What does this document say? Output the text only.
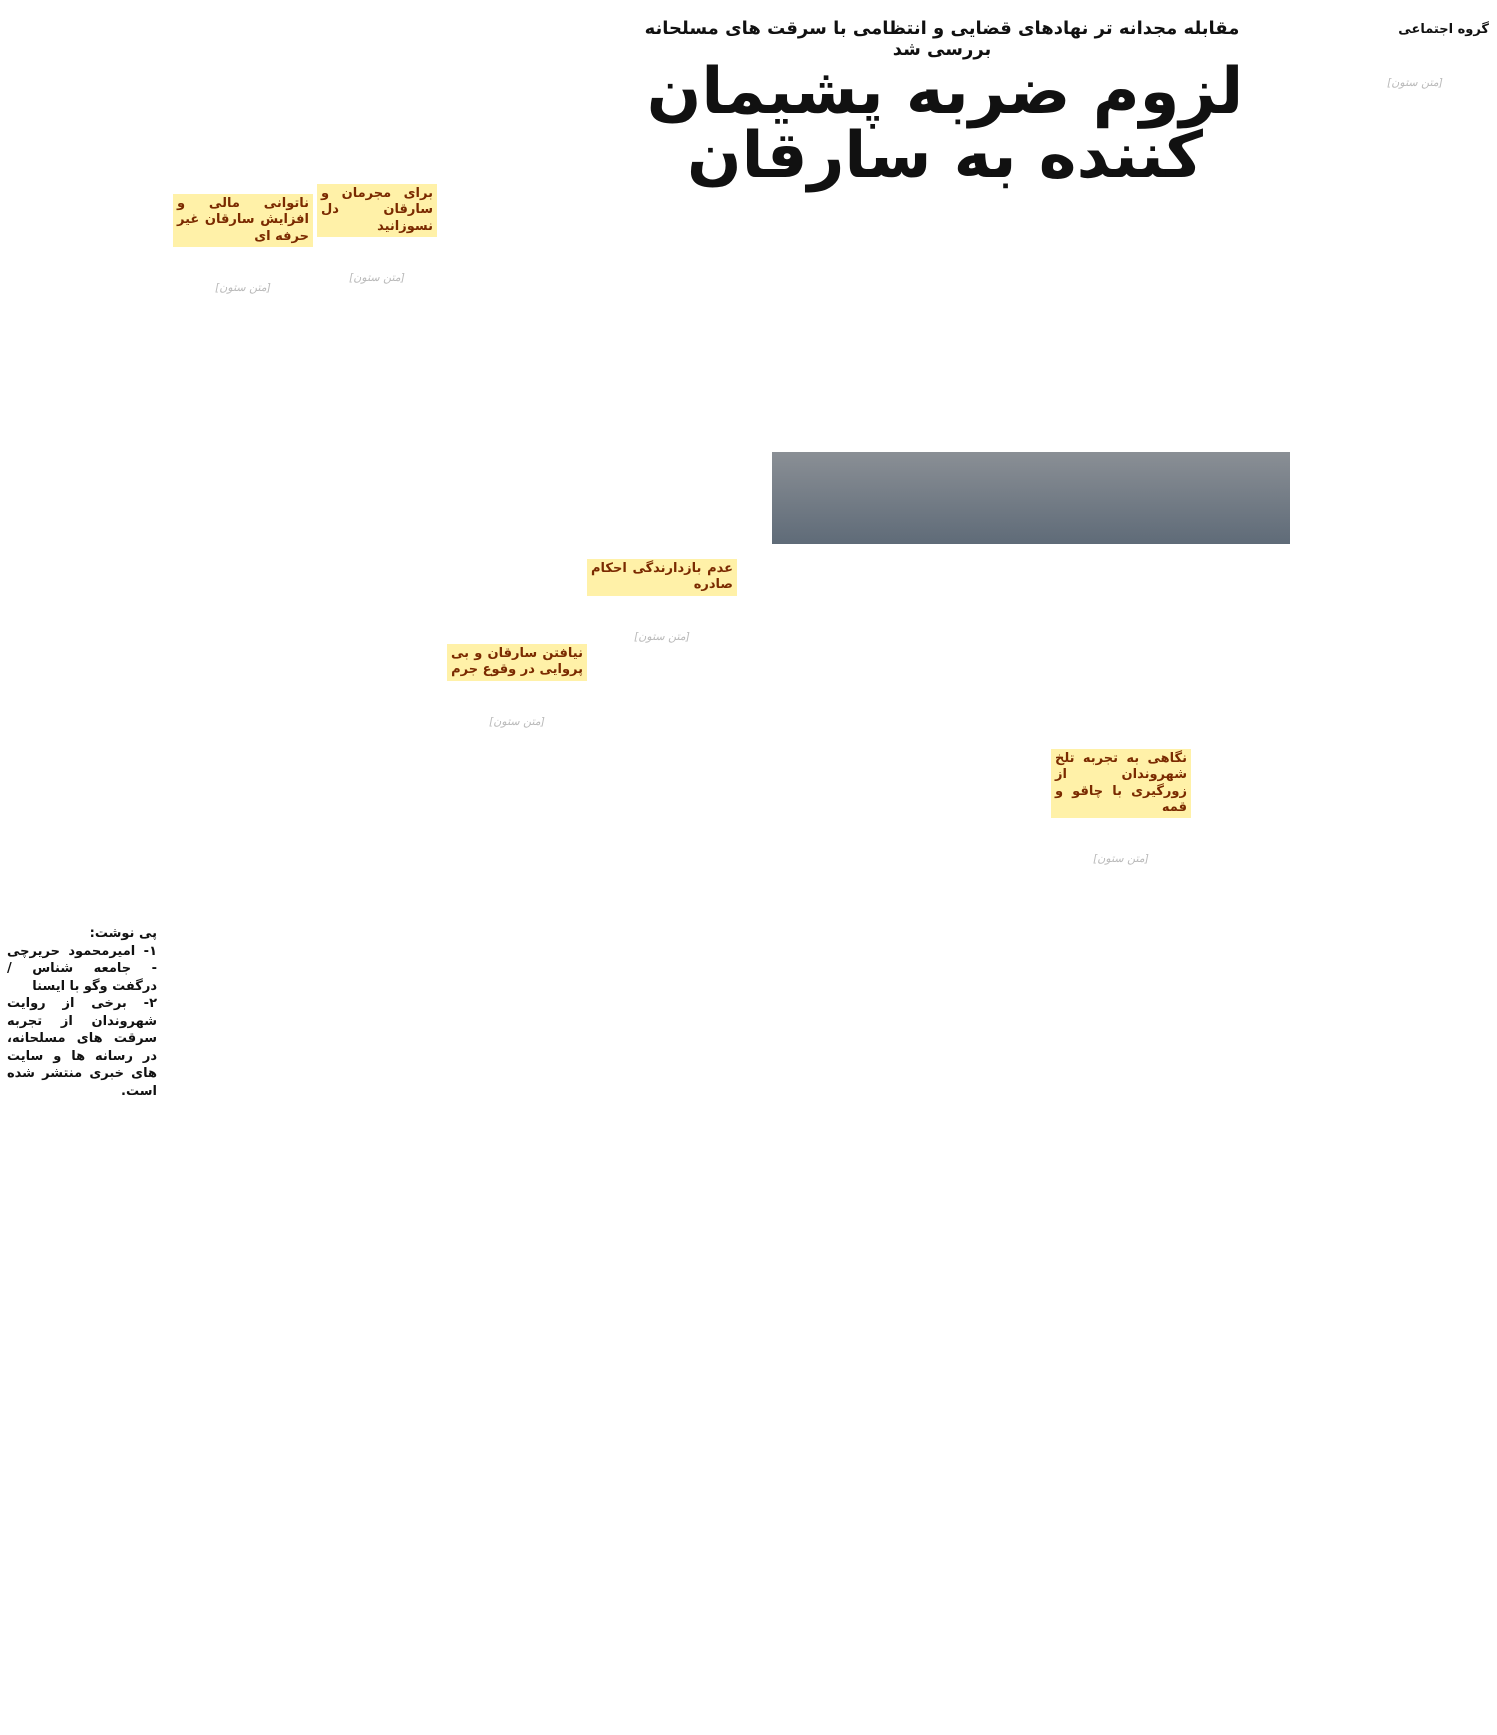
مقابله مجدانه تر نهادهای قضایی و انتظامی با سرقت های مسلحانه بررسی شد
لزوم ضربه پشیمان کننده به سارقان
گروه اجتماعی
[متن ستون]
نگاهی به تجربه تلخ شهروندان از زورگیری با چاقو و قمه
[متن ستون]
عدم بازدارندگی احکام صادره
[متن ستون]
نیافتن سارقان و بی پروایی در وقوع جرم
[متن ستون]
برای مجرمان و سارقان دل نسوزانید
[متن ستون]
ناتوانی مالی و افزایش سارقان غیر حرفه ای
[متن ستون]
پی نوشت:
۱- امیرمحمود حریرچی - جامعه شناس / درگفت وگو با ایسنا
۲- برخی از روایت شهروندان از تجربه سرقت های مسلحانه، در رسانه ها و سایت های خبری منتشر شده است.
